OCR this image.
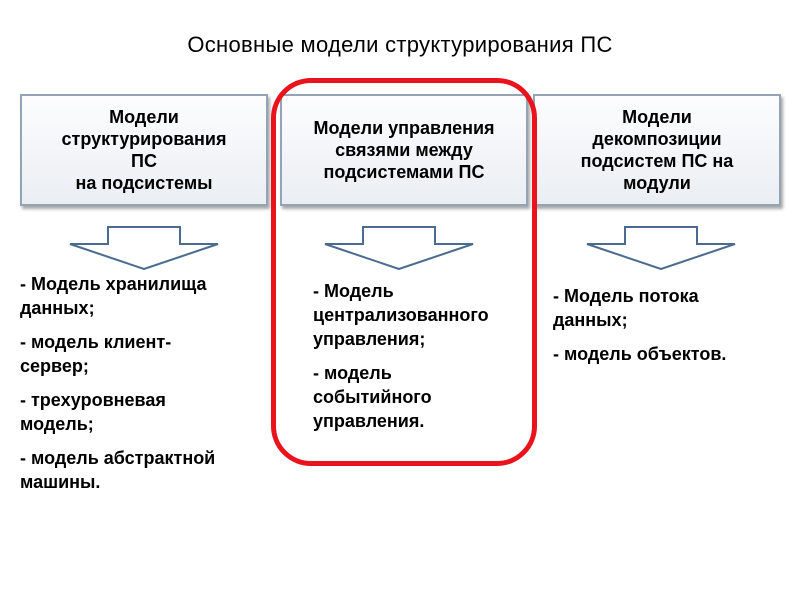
Основные модели структурирования ПС
Модели
структурирования
ПС
на подсистемы
Модели управления
связями между
подсистемами ПС
Модели
декомпозиции
подсистем ПС на
модули

- Модель хранилища
данных;

- модель клиент-
сервер;

- трехуровневая
модель;

- модель абстрактной
машины.

- Модель
централизованного
управления;

- модель
событийного
управления.

- Модель потока
данных;

- модель объектов.
